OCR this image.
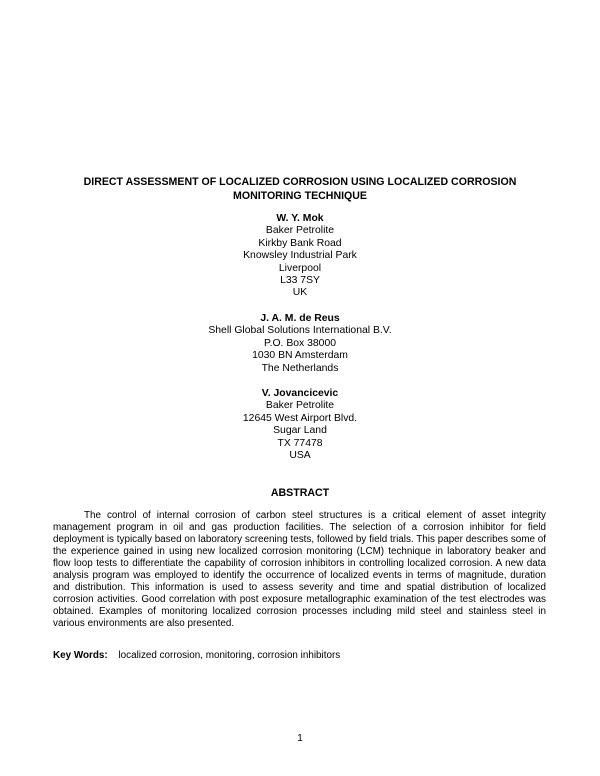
DIRECT ASSESSMENT OF LOCALIZED CORROSION USING LOCALIZED CORROSION
MONITORING TECHNIQUE
W. Y. Mok
Baker Petrolite
Kirkby Bank Road
Knowsley Industrial Park
Liverpool
L33 7SY
UK
J. A. M. de Reus
Shell Global Solutions International B.V.
P.O. Box 38000
1030 BN Amsterdam
The Netherlands
V. Jovancicevic
Baker Petrolite
12645 West Airport Blvd.
Sugar Land
TX 77478
USA
ABSTRACT
The control of internal corrosion of carbon steel structures is a critical element of asset integrity management program in oil and gas production facilities. The selection of a corrosion inhibitor for field deployment is typically based on laboratory screening tests, followed by field trials. This paper describes some of the experience gained in using new localized corrosion monitoring (LCM) technique in laboratory beaker and flow loop tests to differentiate the capability of corrosion inhibitors in controlling localized corrosion. A new data analysis program was employed to identify the occurrence of localized events in terms of magnitude, duration and distribution. This information is used to assess severity and time and spatial distribution of localized corrosion activities. Good correlation with post exposure metallographic examination of the test electrodes was obtained. Examples of monitoring localized corrosion processes including mild steel and stainless steel in various environments are also presented.
Key Words: localized corrosion, monitoring, corrosion inhibitors
1
